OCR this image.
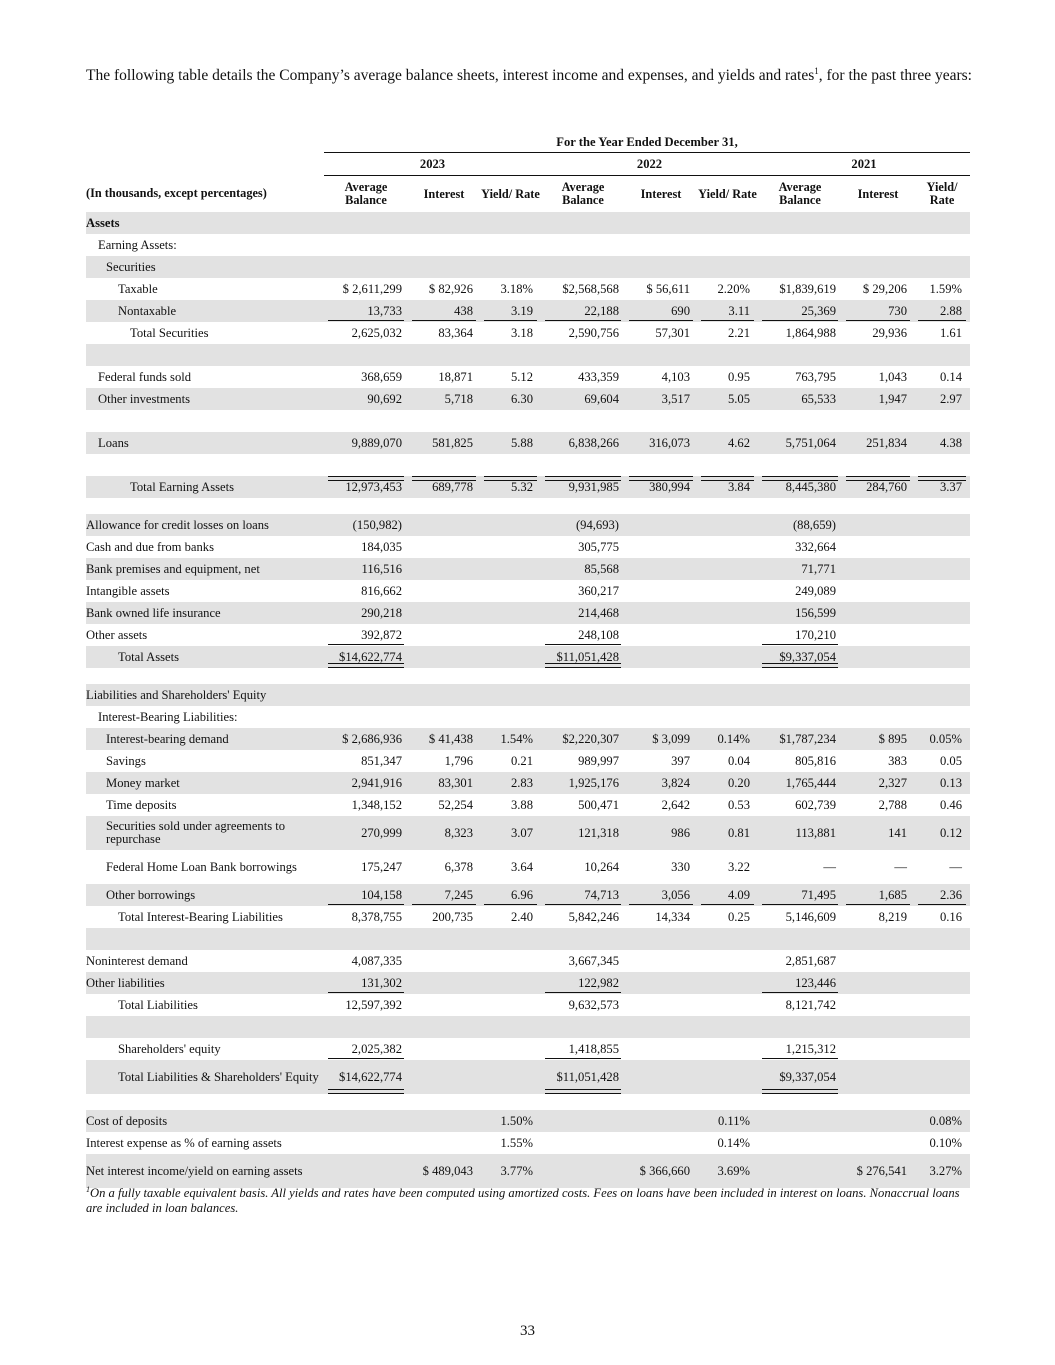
The following table details the Company’s average balance sheets, interest income and expenses, and yields and rates$^1$, for the past three years:
	For the Year Ended December 31,								
	2023			2022			2021		
(In thousands, except percentages)	Average Balance	Interest	Yield/ Rate	Average Balance	Interest	Yield/ Rate	Average Balance	Interest	Yield/ Rate
Assets									
Earning Assets:									
Securities									
Taxable	$ 2,611,299	$ 82,926	3.18%	$2,568,568	$ 56,611	2.20%	$1,839,619	$ 29,206	1.59%
Nontaxable	13,733	438	3.19	22,188	690	3.11	25,369	730	2.88
Total Securities	2,625,032	83,364	3.18	2,590,756	57,301	2.21	1,864,988	29,936	1.61

Federal funds sold	368,659	18,871	5.12	433,359	4,103	0.95	763,795	1,043	0.14
Other investments	90,692	5,718	6.30	69,604	3,517	5.05	65,533	1,947	2.97

Loans	9,889,070	581,825	5.88	6,838,266	316,073	4.62	5,751,064	251,834	4.38

Total Earning Assets	12,973,453	689,778	5.32	9,931,985	380,994	3.84	8,445,380	284,760	3.37

Allowance for credit losses on loans	(150,982)			(94,693)			(88,659)		
Cash and due from banks	184,035			305,775			332,664		
Bank premises and equipment, net	116,516			85,568			71,771		
Intangible assets	816,662			360,217			249,089		
Bank owned life insurance	290,218			214,468			156,599		
Other assets	392,872			248,108			170,210		
Total Assets	$14,622,774			$11,051,428			$9,337,054		

Liabilities and Shareholders' Equity									
Interest-Bearing Liabilities:									
Interest-bearing demand	$ 2,686,936	$ 41,438	1.54%	$2,220,307	$ 3,099	0.14%	$1,787,234	$ 895	0.05%
Savings	851,347	1,796	0.21	989,997	397	0.04	805,816	383	0.05
Money market	2,941,916	83,301	2.83	1,925,176	3,824	0.20	1,765,444	2,327	0.13
Time deposits	1,348,152	52,254	3.88	500,471	2,642	0.53	602,739	2,788	0.46
Securities sold under agreements to repurchase	270,999	8,323	3.07	121,318	986	0.81	113,881	141	0.12
Federal Home Loan Bank borrowings	175,247	6,378	3.64	10,264	330	3.22	—	—	—
Other borrowings	104,158	7,245	6.96	74,713	3,056	4.09	71,495	1,685	2.36
Total Interest-Bearing Liabilities	8,378,755	200,735	2.40	5,842,246	14,334	0.25	5,146,609	8,219	0.16

Noninterest demand	4,087,335			3,667,345			2,851,687		
Other liabilities	131,302			122,982			123,446		
Total Liabilities	12,597,392			9,632,573			8,121,742		

Shareholders' equity	2,025,382			1,418,855			1,215,312		
Total Liabilities & Shareholders' Equity	$14,622,774			$11,051,428			$9,337,054		

Cost of deposits			1.50%			0.11%			0.08%
Interest expense as % of earning assets			1.55%			0.14%			0.10%
Net interest income/yield on earning assets		$ 489,043	3.77%		$ 366,660	3.69%		$ 276,541	3.27%
$^1$On a fully taxable equivalent basis. All yields and rates have been computed using amortized costs. Fees on loans have been included in interest on loans. Nonaccrual loans are included in loan balances.
33
